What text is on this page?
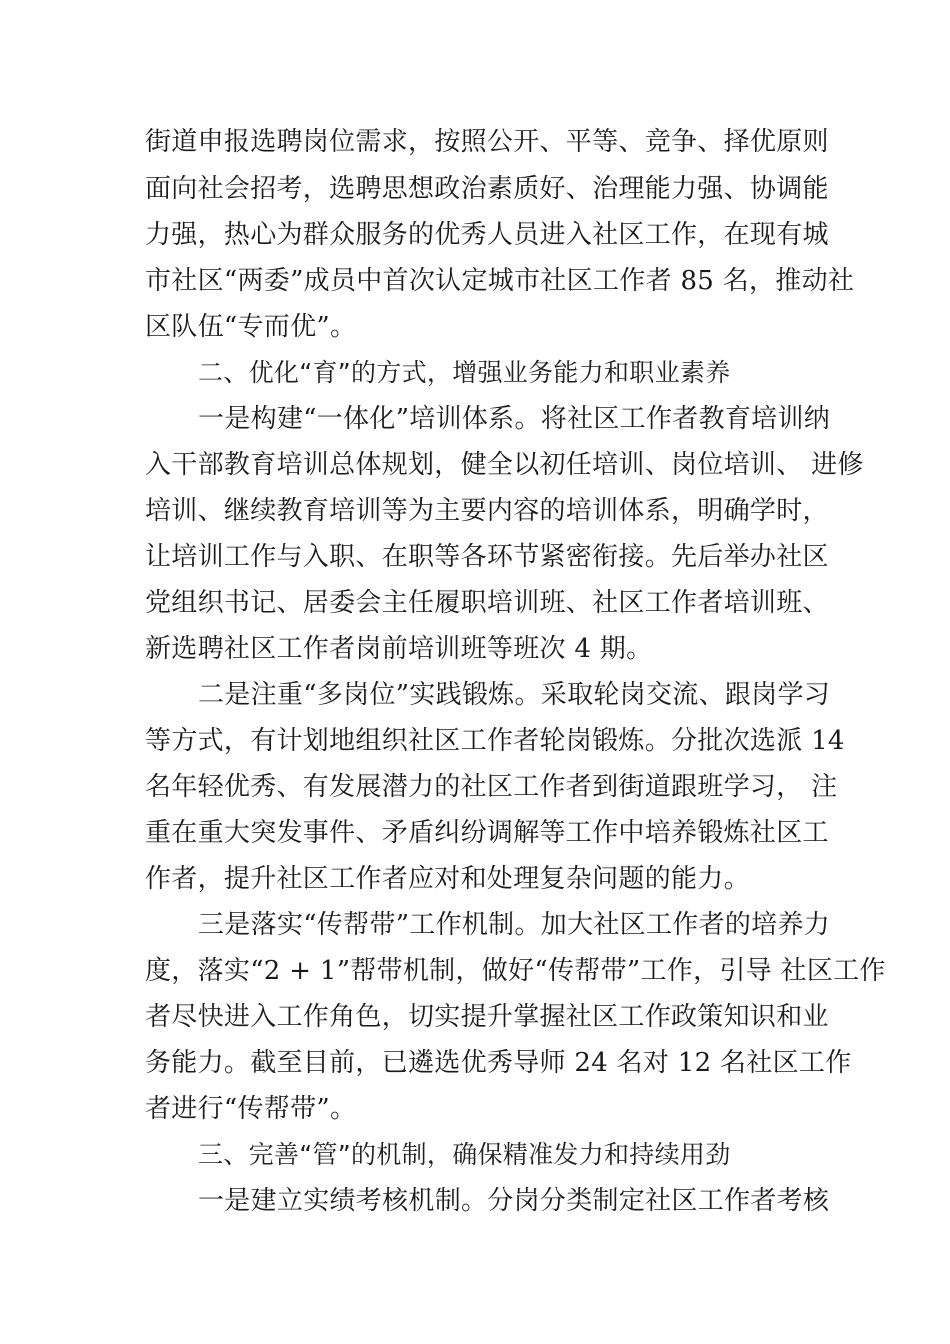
街道申报选聘岗位需求，按照公开、平等、竞争、择优原则
面向社会招考，选聘思想政治素质好、治理能力强、协调能
力强，热心为群众服务的优秀人员进入社区工作，在现有城
市社区“两委”成员中首次认定城市社区工作者 85 名，推动社
区队伍“专而优”。
二、优化“育”的方式，增强业务能力和职业素养
一是构建“一体化”培训体系。将社区工作者教育培训纳
入干部教育培训总体规划，健全以初任培训、岗位培训、 进修
培训、继续教育培训等为主要内容的培训体系，明确学时，
让培训工作与入职、在职等各环节紧密衔接。先后举办社区
党组织书记、居委会主任履职培训班、社区工作者培训班、
新选聘社区工作者岗前培训班等班次 4 期。
二是注重“多岗位”实践锻炼。采取轮岗交流、跟岗学习
等方式，有计划地组织社区工作者轮岗锻炼。分批次选派 14
名年轻优秀、有发展潜力的社区工作者到街道跟班学习， 注
重在重大突发事件、矛盾纠纷调解等工作中培养锻炼社区工
作者，提升社区工作者应对和处理复杂问题的能力。
三是落实“传帮带”工作机制。加大社区工作者的培养力
度，落实“2 + 1”帮带机制，做好“传帮带”工作，引导 社区工作
者尽快进入工作角色，切实提升掌握社区工作政策知识和业
务能力。截至目前，已遴选优秀导师 24 名对 12 名社区工作
者进行“传帮带”。
三、完善“管”的机制，确保精准发力和持续用劲
一是建立实绩考核机制。分岗分类制定社区工作者考核
